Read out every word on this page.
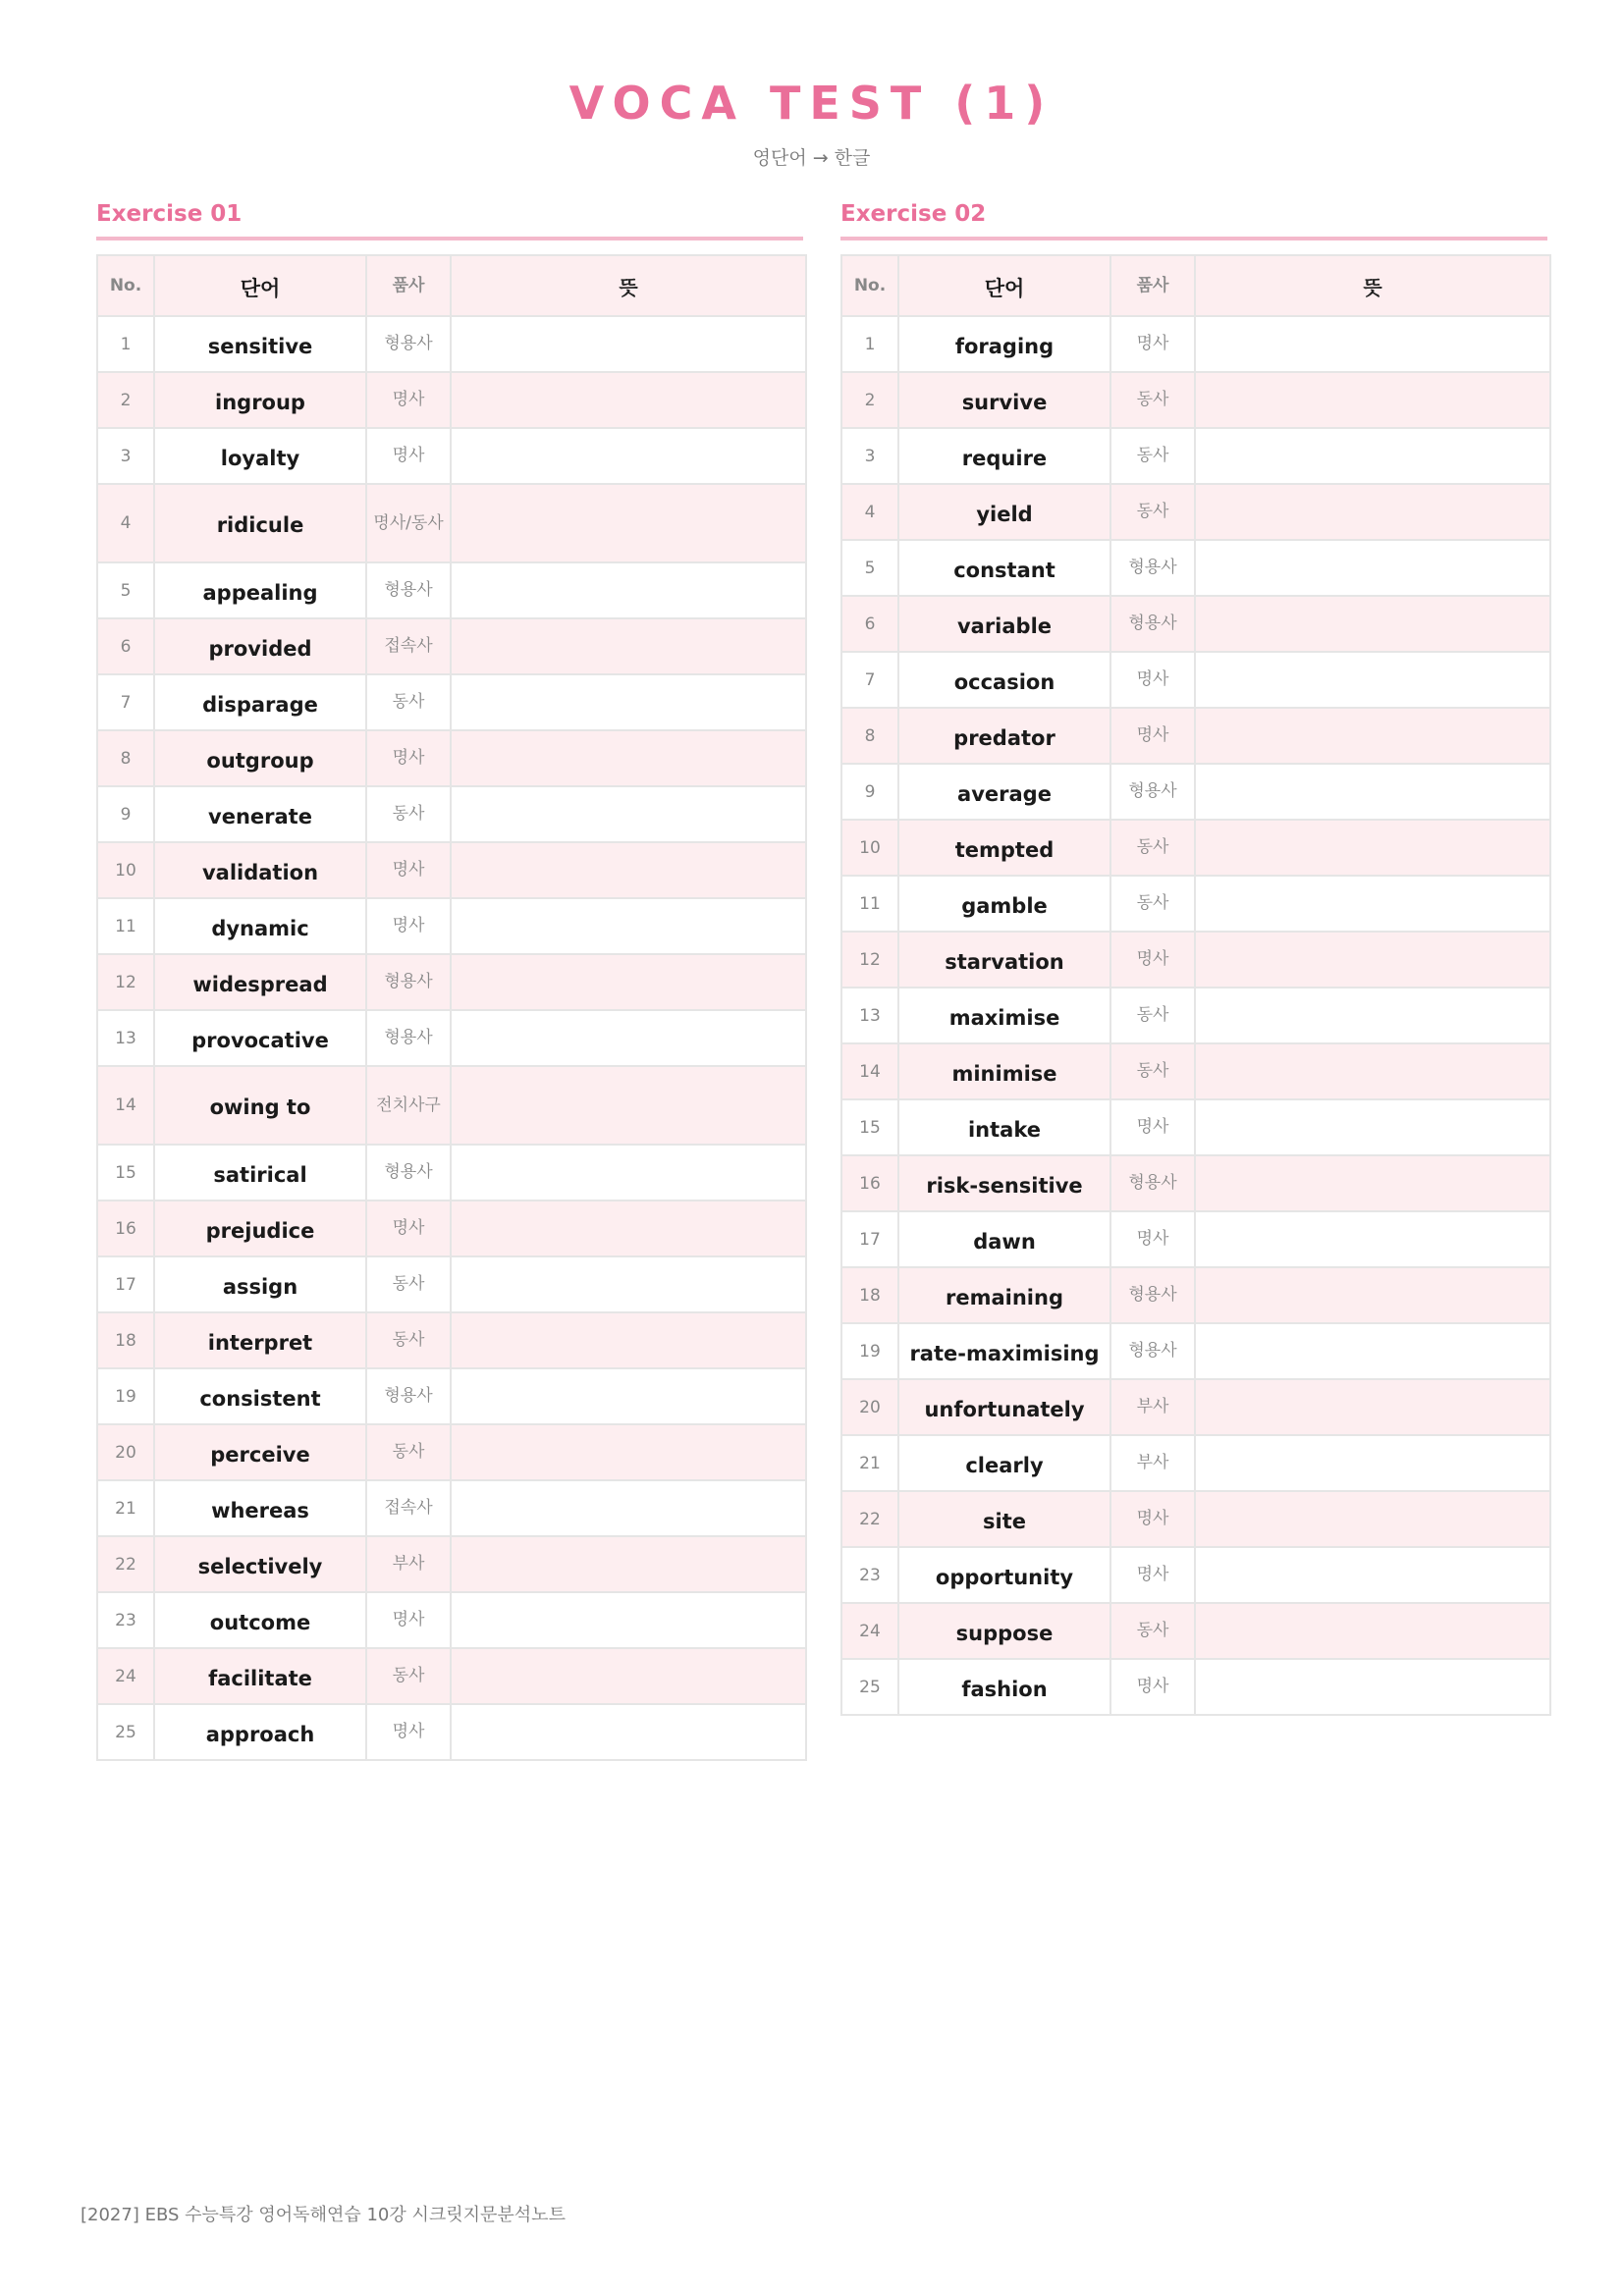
VOCA TEST (1)
영단어 → 한글
Exercise 01
No.	단어	품사	뜻
1	sensitive	형용사	
2	ingroup	명사	
3	loyalty	명사	
4	ridicule	명사/동사	
5	appealing	형용사	
6	provided	접속사	
7	disparage	동사	
8	outgroup	명사	
9	venerate	동사	
10	validation	명사	
11	dynamic	명사	
12	widespread	형용사	
13	provocative	형용사	
14	owing to	전치사구	
15	satirical	형용사	
16	prejudice	명사	
17	assign	동사	
18	interpret	동사	
19	consistent	형용사	
20	perceive	동사	
21	whereas	접속사	
22	selectively	부사	
23	outcome	명사	
24	facilitate	동사	
25	approach	명사	
Exercise 02
No.	단어	품사	뜻
1	foraging	명사	
2	survive	동사	
3	require	동사	
4	yield	동사	
5	constant	형용사	
6	variable	형용사	
7	occasion	명사	
8	predator	명사	
9	average	형용사	
10	tempted	동사	
11	gamble	동사	
12	starvation	명사	
13	maximise	동사	
14	minimise	동사	
15	intake	명사	
16	risk-sensitive	형용사	
17	dawn	명사	
18	remaining	형용사	
19	rate-maximising	형용사	
20	unfortunately	부사	
21	clearly	부사	
22	site	명사	
23	opportunity	명사	
24	suppose	동사	
25	fashion	명사	
[2027] EBS 수능특강 영어독해연습 10강 시크릿지문분석노트
